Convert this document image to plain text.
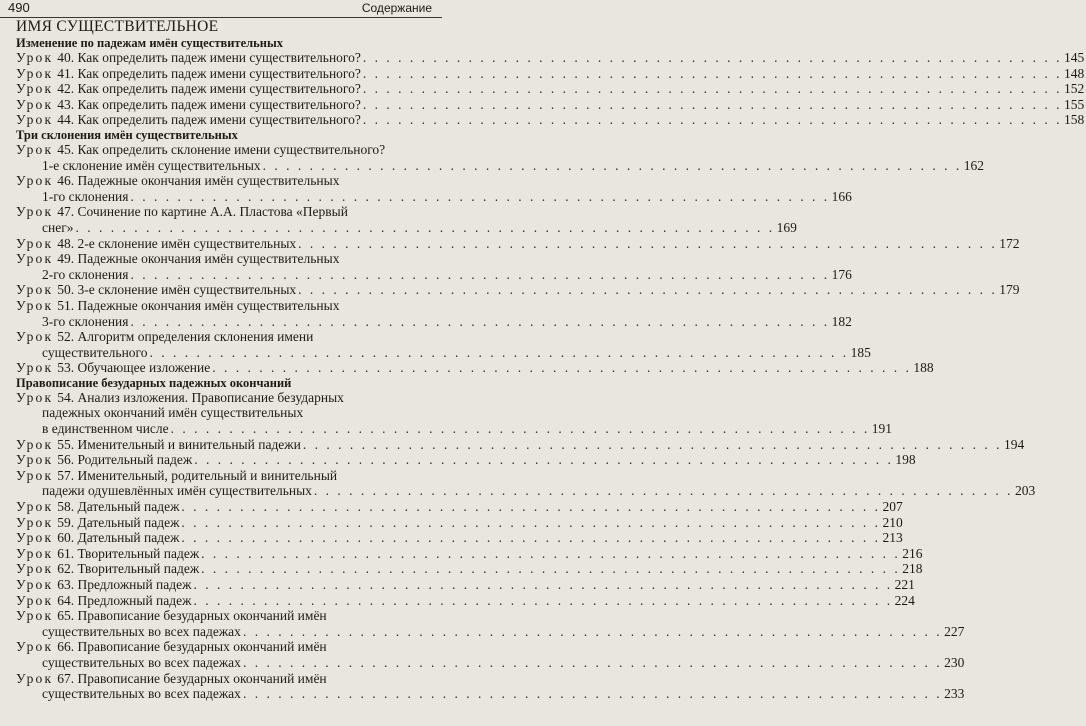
490	Содержание
ИМЯ СУЩЕСТВИТЕЛЬНОЕ
Изменение по падежам имён существительных
Урок 40.
Как определить падеж имени существительного? . . . . . . . . . . . . . . . . . . . . . . . . . . . . . . . . . . . . . . . . . . . . . . . . . . . . . . . . . . . . 145
Урок 41.
Как определить падеж имени существительного? . . . . . . . . . . . . . . . . . . . . . . . . . . . . . . . . . . . . . . . . . . . . . . . . . . . . . . . . . . . . 148
Урок 42.
Как определить падеж имени существительного? . . . . . . . . . . . . . . . . . . . . . . . . . . . . . . . . . . . . . . . . . . . . . . . . . . . . . . . . . . . . 152
Урок 43.
Как определить падеж имени существительного? . . . . . . . . . . . . . . . . . . . . . . . . . . . . . . . . . . . . . . . . . . . . . . . . . . . . . . . . . . . . 155
Урок 44.
Как определить падеж имени существительного? . . . . . . . . . . . . . . . . . . . . . . . . . . . . . . . . . . . . . . . . . . . . . . . . . . . . . . . . . . . . 158
Три склонения имён существительных
Урок 45.
Как определить склонение имени существительного?
1-е склонение имён существительных . . . . . . . . . . . . . . . . . . . . . . . . . . . . . . . . . . . . . . . . . . . . . . . . . . . . . . . . . . . . 162
Урок 46.
Падежные окончания имён существительных
1-го склонения . . . . . . . . . . . . . . . . . . . . . . . . . . . . . . . . . . . . . . . . . . . . . . . . . . . . . . . . . . . . 166
Урок 47.
Сочинение по картине А.А. Пластова «Первый
снег» . . . . . . . . . . . . . . . . . . . . . . . . . . . . . . . . . . . . . . . . . . . . . . . . . . . . . . . . . . . . 169
Урок 48.
2-е склонение имён существительных . . . . . . . . . . . . . . . . . . . . . . . . . . . . . . . . . . . . . . . . . . . . . . . . . . . . . . . . . . . . 172
Урок 49.
Падежные окончания имён существительных
2-го склонения . . . . . . . . . . . . . . . . . . . . . . . . . . . . . . . . . . . . . . . . . . . . . . . . . . . . . . . . . . . . 176
Урок 50.
3-е склонение имён существительных . . . . . . . . . . . . . . . . . . . . . . . . . . . . . . . . . . . . . . . . . . . . . . . . . . . . . . . . . . . . 179
Урок 51.
Падежные окончания имён существительных
3-го склонения . . . . . . . . . . . . . . . . . . . . . . . . . . . . . . . . . . . . . . . . . . . . . . . . . . . . . . . . . . . . 182
Урок 52.
Алгоритм определения склонения имени
существительного . . . . . . . . . . . . . . . . . . . . . . . . . . . . . . . . . . . . . . . . . . . . . . . . . . . . . . . . . . . . 185
Урок 53.
Обучающее изложение . . . . . . . . . . . . . . . . . . . . . . . . . . . . . . . . . . . . . . . . . . . . . . . . . . . . . . . . . . . . 188
Правописание безударных падежных окончаний
Урок 54.
Анализ изложения. Правописание безударных
падежных окончаний имён существительных
в единственном числе . . . . . . . . . . . . . . . . . . . . . . . . . . . . . . . . . . . . . . . . . . . . . . . . . . . . . . . . . . . . 191
Урок 55.
Именительный и винительный падежи . . . . . . . . . . . . . . . . . . . . . . . . . . . . . . . . . . . . . . . . . . . . . . . . . . . . . . . . . . . . 194
Урок 56.
Родительный падеж . . . . . . . . . . . . . . . . . . . . . . . . . . . . . . . . . . . . . . . . . . . . . . . . . . . . . . . . . . . . 198
Урок 57.
Именительный, родительный и винительный
падежи одушевлённых имён существительных . . . . . . . . . . . . . . . . . . . . . . . . . . . . . . . . . . . . . . . . . . . . . . . . . . . . . . . . . . . . 203
Урок 58.
Дательный падеж . . . . . . . . . . . . . . . . . . . . . . . . . . . . . . . . . . . . . . . . . . . . . . . . . . . . . . . . . . . . 207
Урок 59.
Дательный падеж . . . . . . . . . . . . . . . . . . . . . . . . . . . . . . . . . . . . . . . . . . . . . . . . . . . . . . . . . . . . 210
Урок 60.
Дательный падеж . . . . . . . . . . . . . . . . . . . . . . . . . . . . . . . . . . . . . . . . . . . . . . . . . . . . . . . . . . . . 213
Урок 61.
Творительный падеж . . . . . . . . . . . . . . . . . . . . . . . . . . . . . . . . . . . . . . . . . . . . . . . . . . . . . . . . . . . . 216
Урок 62.
Творительный падеж . . . . . . . . . . . . . . . . . . . . . . . . . . . . . . . . . . . . . . . . . . . . . . . . . . . . . . . . . . . . 218
Урок 63.
Предложный падеж . . . . . . . . . . . . . . . . . . . . . . . . . . . . . . . . . . . . . . . . . . . . . . . . . . . . . . . . . . . . 221
Урок 64.
Предложный падеж . . . . . . . . . . . . . . . . . . . . . . . . . . . . . . . . . . . . . . . . . . . . . . . . . . . . . . . . . . . . 224
Урок 65.
Правописание безударных окончаний имён
существительных во всех падежах . . . . . . . . . . . . . . . . . . . . . . . . . . . . . . . . . . . . . . . . . . . . . . . . . . . . . . . . . . . . 227
Урок 66.
Правописание безударных окончаний имён
существительных во всех падежах . . . . . . . . . . . . . . . . . . . . . . . . . . . . . . . . . . . . . . . . . . . . . . . . . . . . . . . . . . . . 230
Урок 67.
Правописание безударных окончаний имён
существительных во всех падежах . . . . . . . . . . . . . . . . . . . . . . . . . . . . . . . . . . . . . . . . . . . . . . . . . . . . . . . . . . . . 233
